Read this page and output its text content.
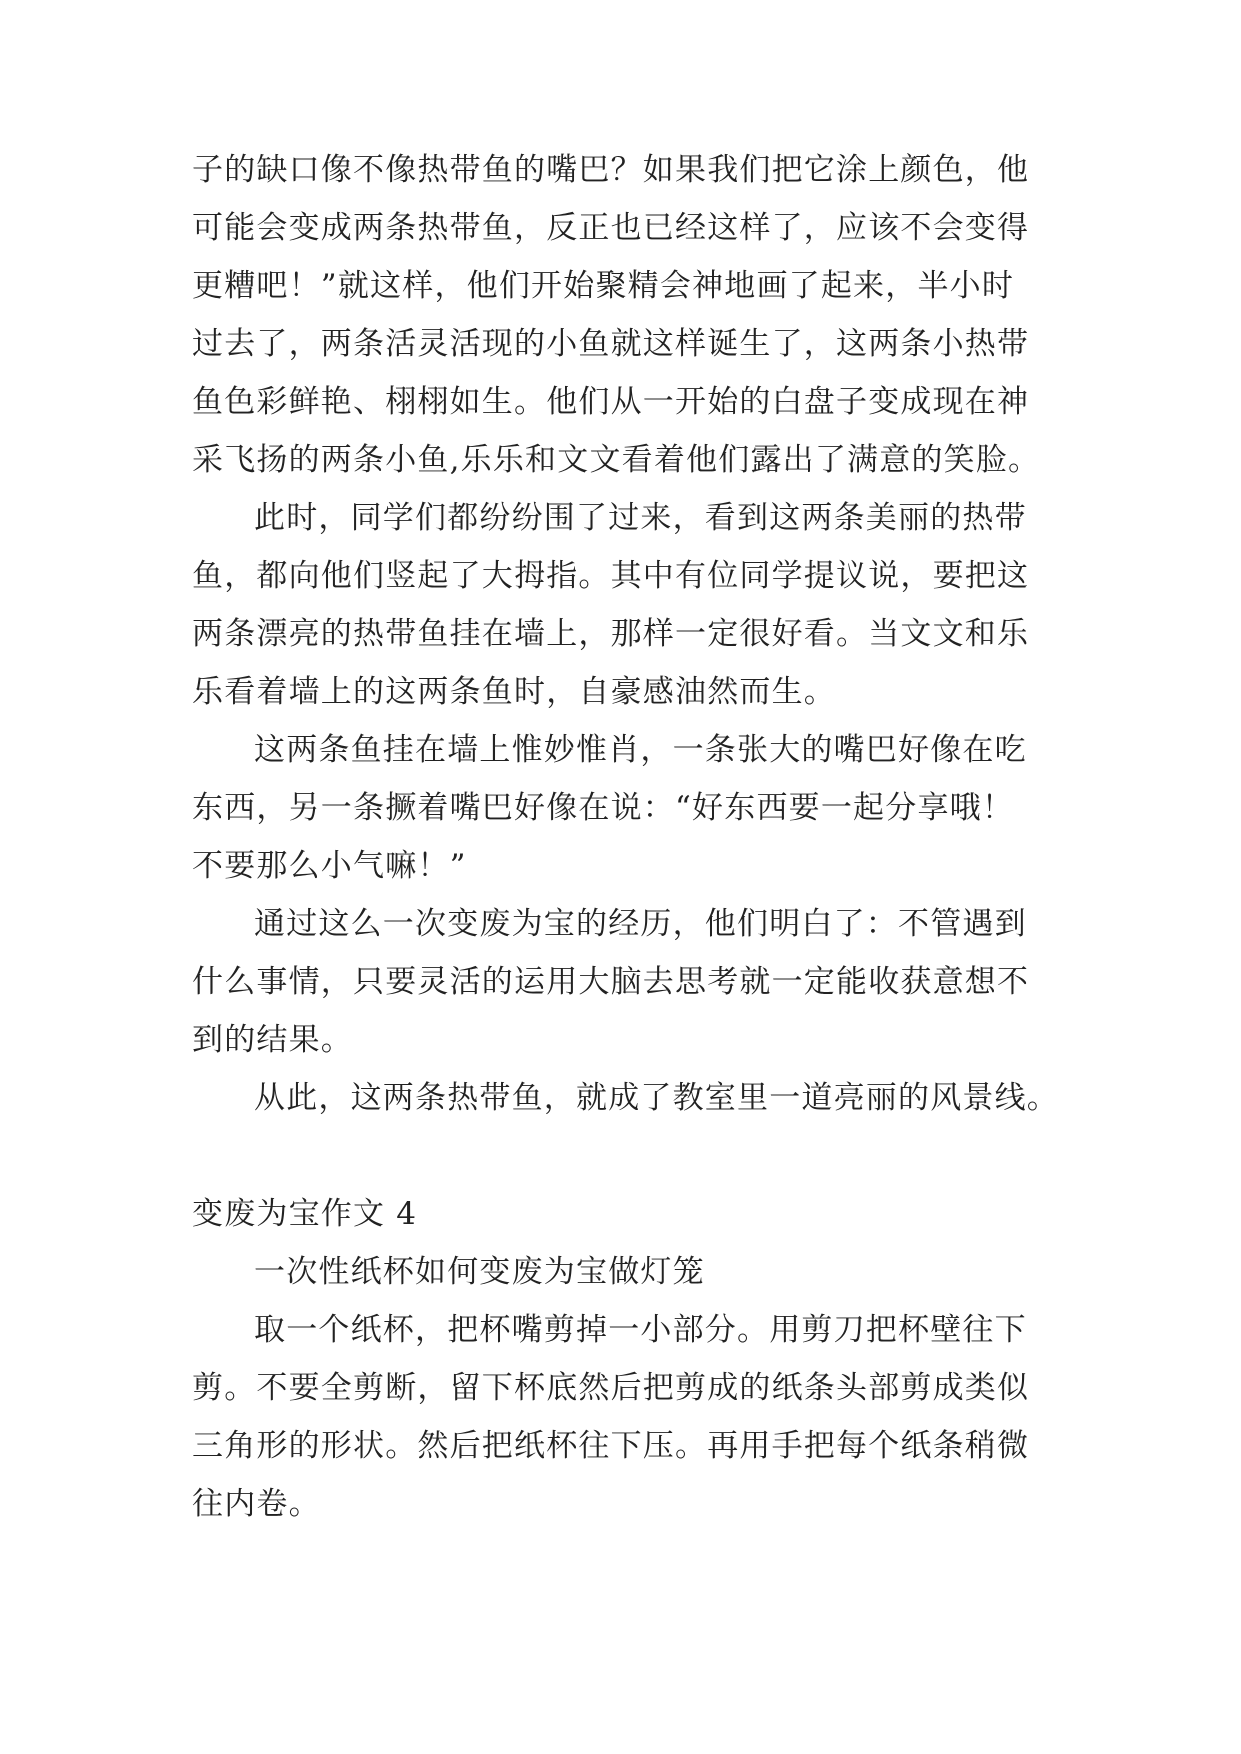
子的缺口像不像热带鱼的嘴巴？如果我们把它涂上颜色，他
可能会变成两条热带鱼，反正也已经这样了，应该不会变得
更糟吧！”就这样，他们开始聚精会神地画了起来，半小时
过去了，两条活灵活现的小鱼就这样诞生了，这两条小热带
鱼色彩鲜艳、栩栩如生。他们从一开始的白盘子变成现在神
采飞扬的两条小鱼,乐乐和文文看着他们露出了满意的笑脸。
此时，同学们都纷纷围了过来，看到这两条美丽的热带
鱼，都向他们竖起了大拇指。其中有位同学提议说，要把这
两条漂亮的热带鱼挂在墙上，那样一定很好看。当文文和乐
乐看着墙上的这两条鱼时，自豪感油然而生。
这两条鱼挂在墙上惟妙惟肖，一条张大的嘴巴好像在吃
东西，另一条撅着嘴巴好像在说：“好东西要一起分享哦！
不要那么小气嘛！”
通过这么一次变废为宝的经历，他们明白了：不管遇到
什么事情，只要灵活的运用大脑去思考就一定能收获意想不
到的结果。
从此，这两条热带鱼，就成了教室里一道亮丽的风景线。
变废为宝作文 4
一次性纸杯如何变废为宝做灯笼
取一个纸杯，把杯嘴剪掉一小部分。用剪刀把杯壁往下
剪。不要全剪断，留下杯底然后把剪成的纸条头部剪成类似
三角形的形状。然后把纸杯往下压。再用手把每个纸条稍微
往内卷。
